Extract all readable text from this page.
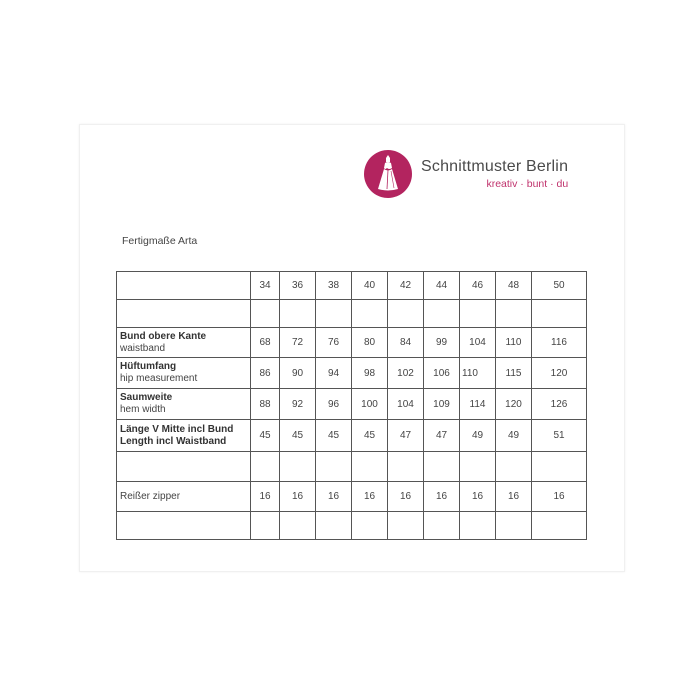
Schnittmuster Berlin
kreativ · bunt · du
Fertigmaße Arta
	34	36	38	40	42	44	46	48	50

Bund obere Kante
waistband	68	72	76	80	84	99	104	110	116

Hüftumfang
hip measurement	86	90	94	98	102	106	110	115	120

Saumweite
hem width	88	92	96	100	104	109	114	120	126

Länge V Mitte incl Bund
Length incl Waistband	45	45	45	45	47	47	49	49	51

Reißer zipper	16	16	16	16	16	16	16	16	16
